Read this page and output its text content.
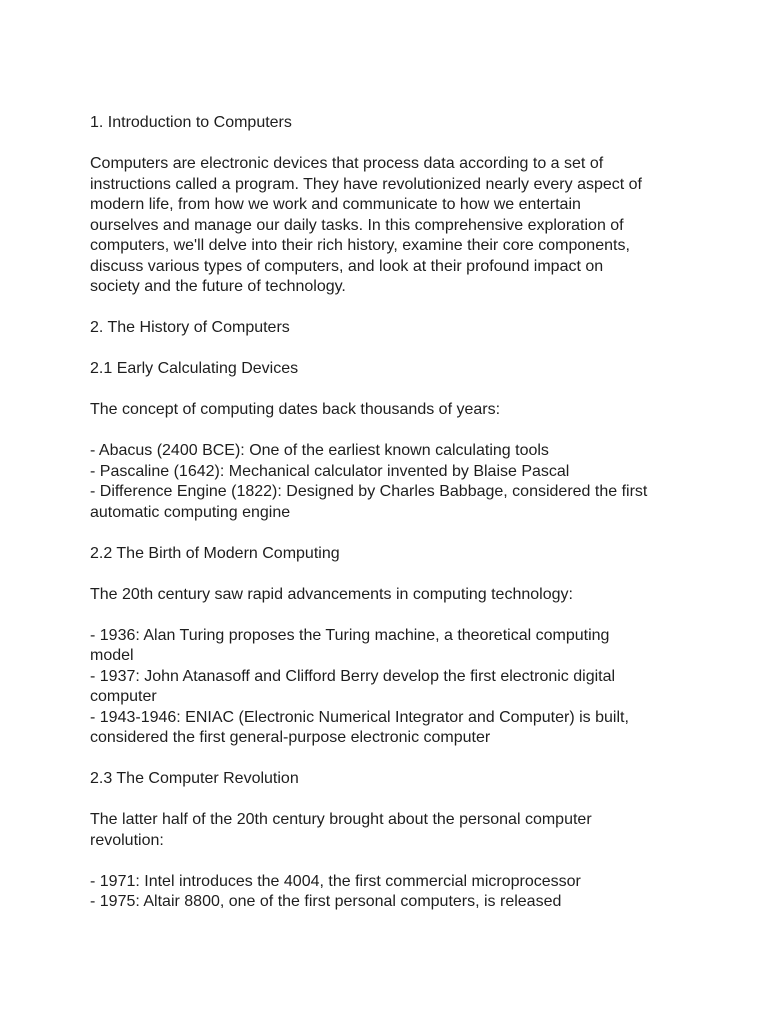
1. Introduction to Computers

Computers are electronic devices that process data according to a set of

instructions called a program. They have revolutionized nearly every aspect of

modern life, from how we work and communicate to how we entertain

ourselves and manage our daily tasks. In this comprehensive exploration of

computers, we'll delve into their rich history, examine their core components,

discuss various types of computers, and look at their profound impact on

society and the future of technology.

2. The History of Computers

2.1 Early Calculating Devices

The concept of computing dates back thousands of years:

- Abacus (2400 BCE): One of the earliest known calculating tools

- Pascaline (1642): Mechanical calculator invented by Blaise Pascal

- Difference Engine (1822): Designed by Charles Babbage, considered the first

automatic computing engine

2.2 The Birth of Modern Computing

The 20th century saw rapid advancements in computing technology:

- 1936: Alan Turing proposes the Turing machine, a theoretical computing

model

- 1937: John Atanasoff and Clifford Berry develop the first electronic digital

computer

- 1943-1946: ENIAC (Electronic Numerical Integrator and Computer) is built,

considered the first general-purpose electronic computer

2.3 The Computer Revolution

The latter half of the 20th century brought about the personal computer

revolution:

- 1971: Intel introduces the 4004, the first commercial microprocessor

- 1975: Altair 8800, one of the first personal computers, is released
